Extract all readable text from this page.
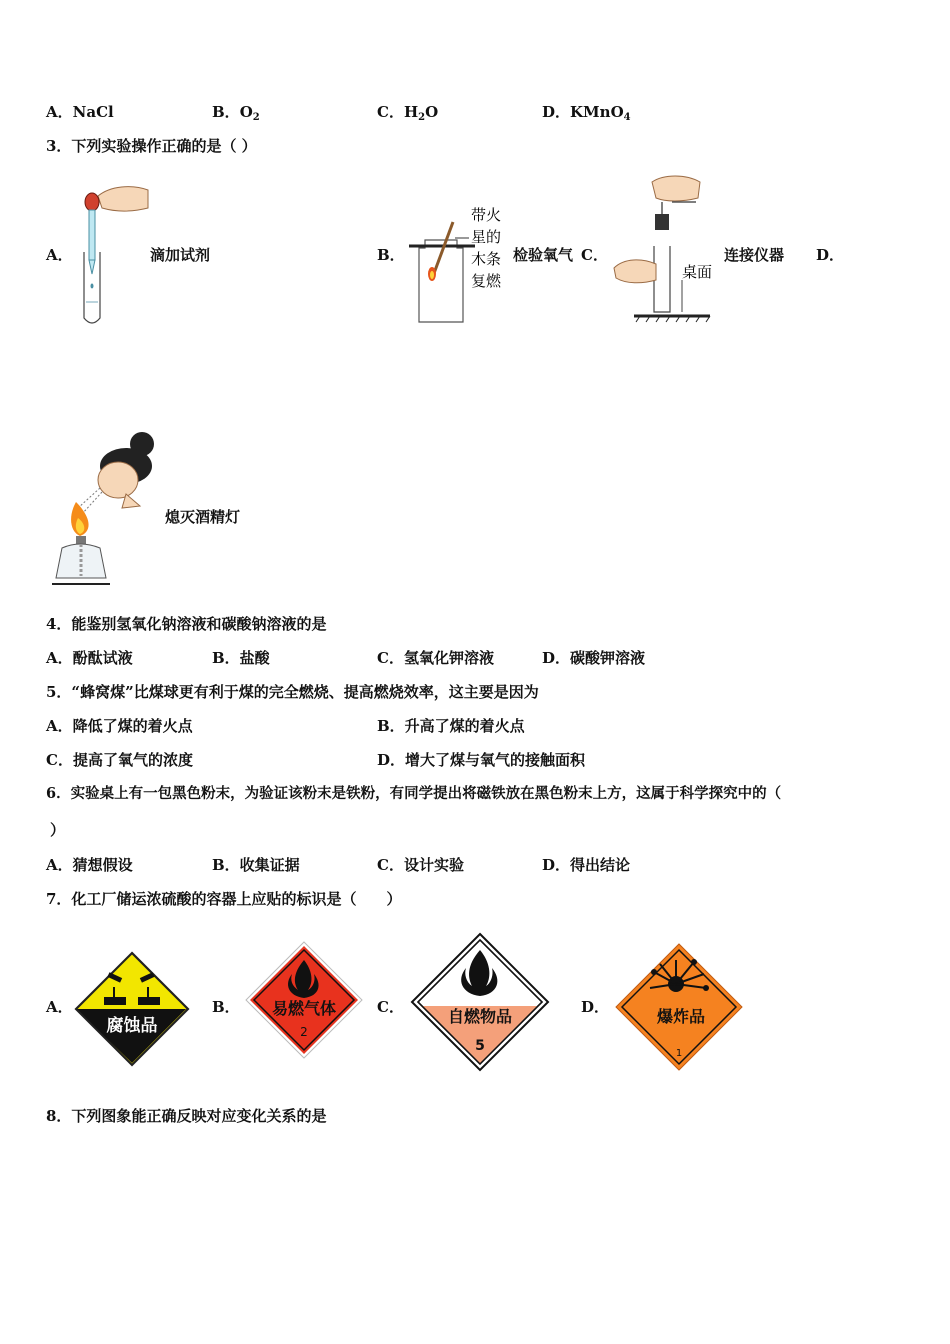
A．NaCl	B．$O_2$	C．$H_2O$	D．KMnO$_4$
3．下列实验操作正确的是（ ）
A．	滴加试剂	B．
带火
星的
木条
复燃
检验氧气 C．
桌面
连接仪器 D．
熄灭酒精灯
4．能鉴别氢氧化钠溶液和碳酸钠溶液的是
A．酚酞试液	B．盐酸	C．氢氧化钾溶液	D．碳酸钾溶液
5．“蜂窝煤”比煤球更有利于煤的完全燃烧、提高燃烧效率，这主要是因为
A．降低了煤的着火点	B．升高了煤的着火点
C．提高了氧气的浓度	D．增大了煤与氧气的接触面积
6．实验桌上有一包黑色粉末，为验证该粉末是铁粉，有同学提出将磁铁放在黑色粉末上方，这属于科学探究中的（
）
A．猜想假设	B．收集证据	C．设计实验	D．得出结论
7．化工厂储运浓硫酸的容器上应贴的标识是（　　）
A．
腐蚀品
B． 易燃气体
2
C．	自燃物品
5
D．	爆炸品
1
8．下列图象能正确反映对应变化关系的是
